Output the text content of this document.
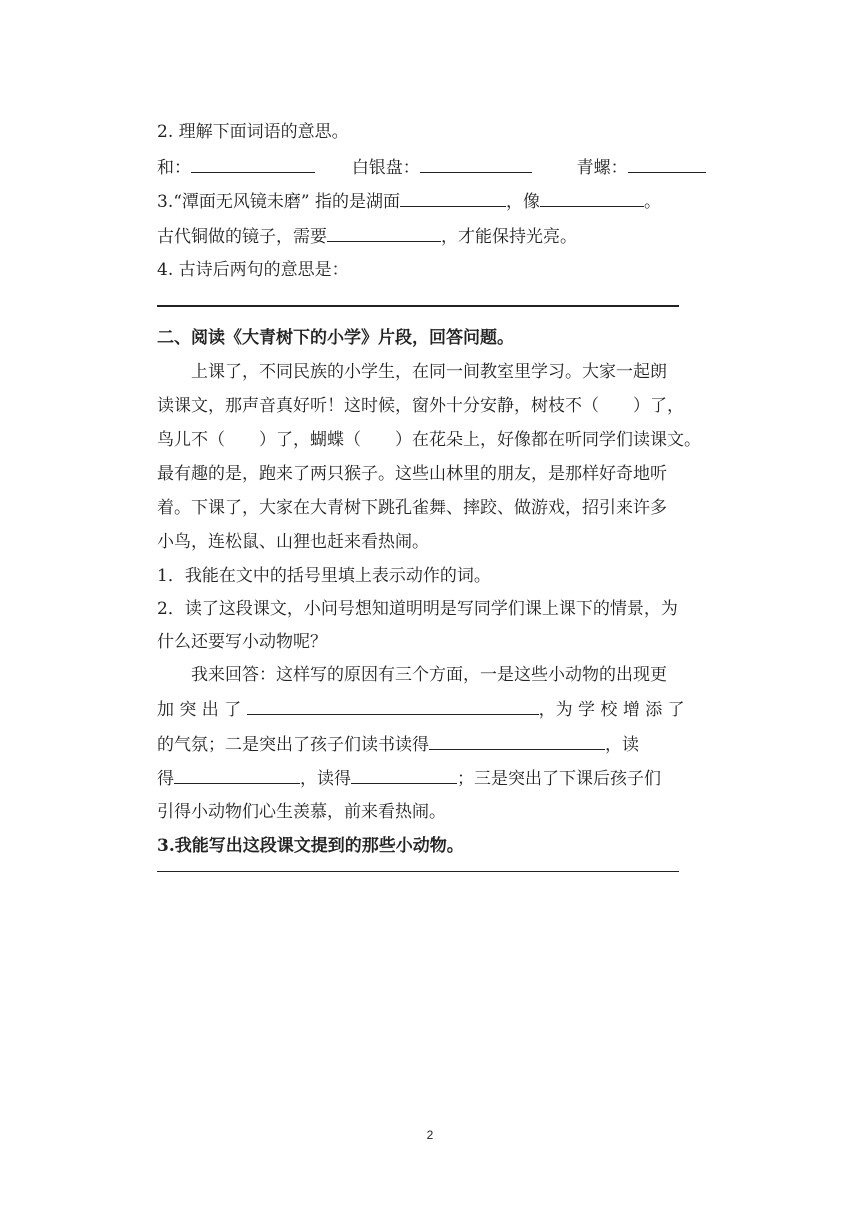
2. 理解下面词语的意思。
和：	白银盘：	青螺：
3.“潭面无风镜未磨” 指的是湖面	，像	。
古代铜做的镜子，需要	，才能保持光亮。
4. 古诗后两句的意思是：
二、阅读《大青树下的小学》片段，回答问题。
上课了，不同民族的小学生，在同一间教室里学习。大家一起朗
读课文，那声音真好听！这时候，窗外十分安静，树枝不（　　）了，
鸟儿不（　　）了，蝴蝶（　　）在花朵上，好像都在听同学们读课文。
最有趣的是，跑来了两只猴子。这些山林里的朋友，是那样好奇地听
着。下课了，大家在大青树下跳孔雀舞、摔跤、做游戏，招引来许多
小鸟，连松鼠、山狸也赶来看热闹。
1．我能在文中的括号里填上表示动作的词。
2．读了这段课文，小问号想知道明明是写同学们课上课下的情景，为
什么还要写小动物呢？
我来回答：这样写的原因有三个方面，一是这些小动物的出现更
加 突 出 了	，为 学 校 增 添 了
的气氛；二是突出了孩子们读书读得	，读
得	，读得	；三是突出了下课后孩子们
引得小动物们心生羡慕，前来看热闹。
3.我能写出这段课文提到的那些小动物。
2
